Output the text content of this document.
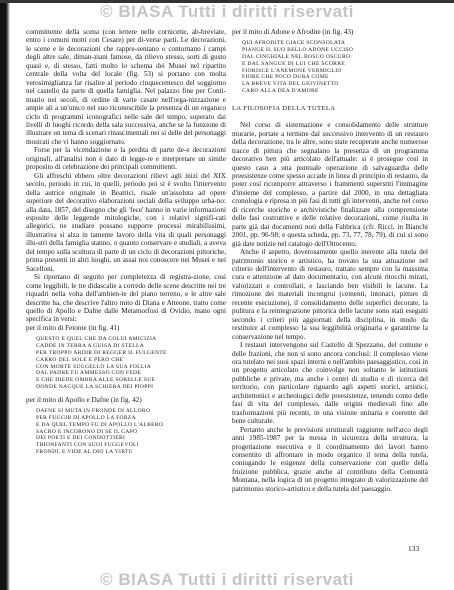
© BIASA Tutti i diritti riservati

committente della scena (con lettere nelle cornicette, ab-breviate, entro i comuni motti con Cesare) per di-verse parti. Le decorazioni, le scene e le decorazioni che rappre-sentano o contornano i campi degli altre sale, diman-ziani famose, da rilievo stesso, sorti di gusto quasi e, di stesso, fatti molto lo schema dei Musei nel ripartito centrale della volta del locale (fig. 53) si portano con molta verosimiglianza far risalire al periodo cinquecentesco del soggiorno nel castello da parte di quella famiglia. Nel palazzo fine per Conti-nuario nei secoli, di ordine di varie casate nell'orga-nizzazione e ampie ali a un'unico nel suo riconoscibile la presenza di un organico ciclo di programmi iconografici nelle sale del tempo, superato dai livelli di luoghi ricordo della sala successiva, anche se la funzione di illustrare un tema di scenari rinascimentali nei si delle del personaggi mostrati che vi hanno soggiornato.

Forse per la vicendazione e la perdita di parte de-e decorazioni originali, all'analisi non è dato di legge-re e interpretare un simile proposito di celebrazione dei principali committenti.

Gli affreschi ebbero oltre decorazioni rilievi agli inizi del XIX secolo, periodo in cui, in quelli, periodo poi si è svolto l'intervento della autrice originale in Beatrici, risale un'assoluta ad opere superiore del decorativo elaborazioni sociali della sviluppo urba-no: alla data, 1857, del disegno che gli 'fece' hanno in varie informazioni esposite delle leggende mitologiche, con i relativi signifi-cati allegorici, ne studiare possano supporre processi mirabilissimi, illustrativa si alza in tamente lavoro della vita di quali personaggi illu-stri della famiglia stanno, o quanto conservare e studiali, a aveva del tempo sulla scultura di parte di un ciclo di decorazioni pittoriche, prima presenti in altri luoghi, un assai noi conoscere nei Musei e nei Sacelloni.

Si riportano di seguito per completezza di registra-zione, così come leggibili, le tre didascalie a corredo delle scene descritte nei tre riquadri nella volta dell'ambien-te del piano terreno, e le altre sale descritte ha, che descrive l'altro mito di Diana e Atteone, tratto come quello di Apollo e Dafne dalle Metamorfosi di Ovidio, mano ogni specifica in versi:

per il mito di Fetonte (in fig. 41)

QUESTO È QUEL CHE DA COLUI AMICIZIA
CADDE IN TERRA A GUISA DI STELLA
PER TROPPO ARDIR DI REGGER IL FULGENTE
CARRO DEL SOLE E PERÒ CHE
CON MORTE SUGGELLÒ LA SUA FOLLIA
DAL PADRE FU AMMESSO CON FEDE
E CHE DIEDE OMBRA ALLE SORELLE SUE
DONDE NACQUE LA SCHIERA DEI PIOPPI

per il mito di Apollo e Dafne (in fig. 42)

DAFNE SI MUTA IN FRONDE DI ALLORO
PER FUGGIR DI APOLLO LA FORZA
E DA QUEL TEMPO FU DI APOLLO L'ALBERO
SACRO E INCORONÒ DI SÉ IL CAPO
DEI POETI E DEI CONDOTTIERI
TRIONFANTI CON SUOI FUGGEVOLI
FRONDI, E VIDE AL DIO LA VIRTÙ

per il mito di Adone e Afrodite (in fig. 43)

QUI AFRODITE GIACE SCONSOLATA
PIANGE IL SUO BELLO ADONE UCCISO
DAL CINGHIALE NEL BOSCO OSCURO
E DAL SANGUE DI LUI CHE SCORRE
FIORISCE L'ANEMONE VERMIGLIO
FIORE CHE POCO DURA COME
LA BREVE VITA DEL GIOVINETTO
CARO ALLA DEA D'AMORE
LA FILOSOFIA DELLA TUTELA

Nel corso di sistemazione e consolidamento delle strutture murarie, portate a termine dal successivo intervento di un restauro della decorazione, tra le altre, sono state recuperate anche numerose tracce di pittura che segnalano la presenza di un programma decorativo ben più articolato dell'attuale: si è prosegue così in questo caso a una puntuale operazione di salvaguardia delle preesistenze come spesso accade in linea di principio di restauro, da poter così ricomporre attraverso i frammenti superstiti l'immagine d'insieme del complesso, a partire dal 2000, in una dettagliata cronologia e ripresa in più fasi di tutti gli interventi, anche nel corso di ricerche storiche e archivistiche finalizzate alla comprensione delle fasi costruttive e delle relative decorazioni, come risulta in parte già dai documenti noti della Fabbrica (cfr. Ricci, in Bianchi 2001, pp. 96-98; e questa scheda, pp. 73, 77, 78, 79), di cui si sono già date notizie nel catalogo dell'Ottocento.

Anche il aspetto, doverosamente quello inerente alla tutela del patrimonio storico e artistico, ha trovato la sua attuazione nel criterio dell'intervento di restauro, trattato sempre con la massima cura e attenzione al dato documentario, con alcuni ritocchi mirati, valorizzati e controllati, e lasciando ben visibili le lacune. La rimozione dei materiali incongrui (cementi, intonaci, pitture di recente esecuzione), il consolidamento delle superfici decorate, la pulitura e la reintegrazione pittorica delle lacune sono stati eseguiti secondo i criteri più aggiornati della disciplina, in modo da restituire al complesso la sua leggibilità originaria e garantirne la conservazione nel tempo.

I restauri intervengono sul Castello di Spezzano, del comune e delle frazioni, che non si sono ancora conclusi: il complesso viene ora tutelato nei suoi spazi interni e nell'ambito paesaggistico, così in un progetto articolato che coinvolge non soltanto le istituzioni pubbliche e private, ma anche i centri di studio e di ricerca del territorio, con particolare riguardo agli aspetti storici, artistici, architettonici e archeologici delle preesistenze, tenendo conto delle fasi di vita del complesso, dalle origini medievali fino alle trasformazioni più recenti, in una visione unitaria e coerente del bene culturale.

Pertanto anche le previsioni strutturali raggiunte nell'arco degli anni 1985-1987 per la messa in sicurezza della struttura, la progettazione esecutiva e il coordinamento dei lavori hanno consentito di affrontare in modo organico il tema della tutela, coniugando le esigenze della conservazione con quelle della fruizione pubblica, grazie anche al contributo della Comunità Montana, nella logica di un progetto integrato di valorizzazione del patrimonio storico-artistico e della tutela del paesaggio.

133
© BIASA Tutti i diritti riservati
